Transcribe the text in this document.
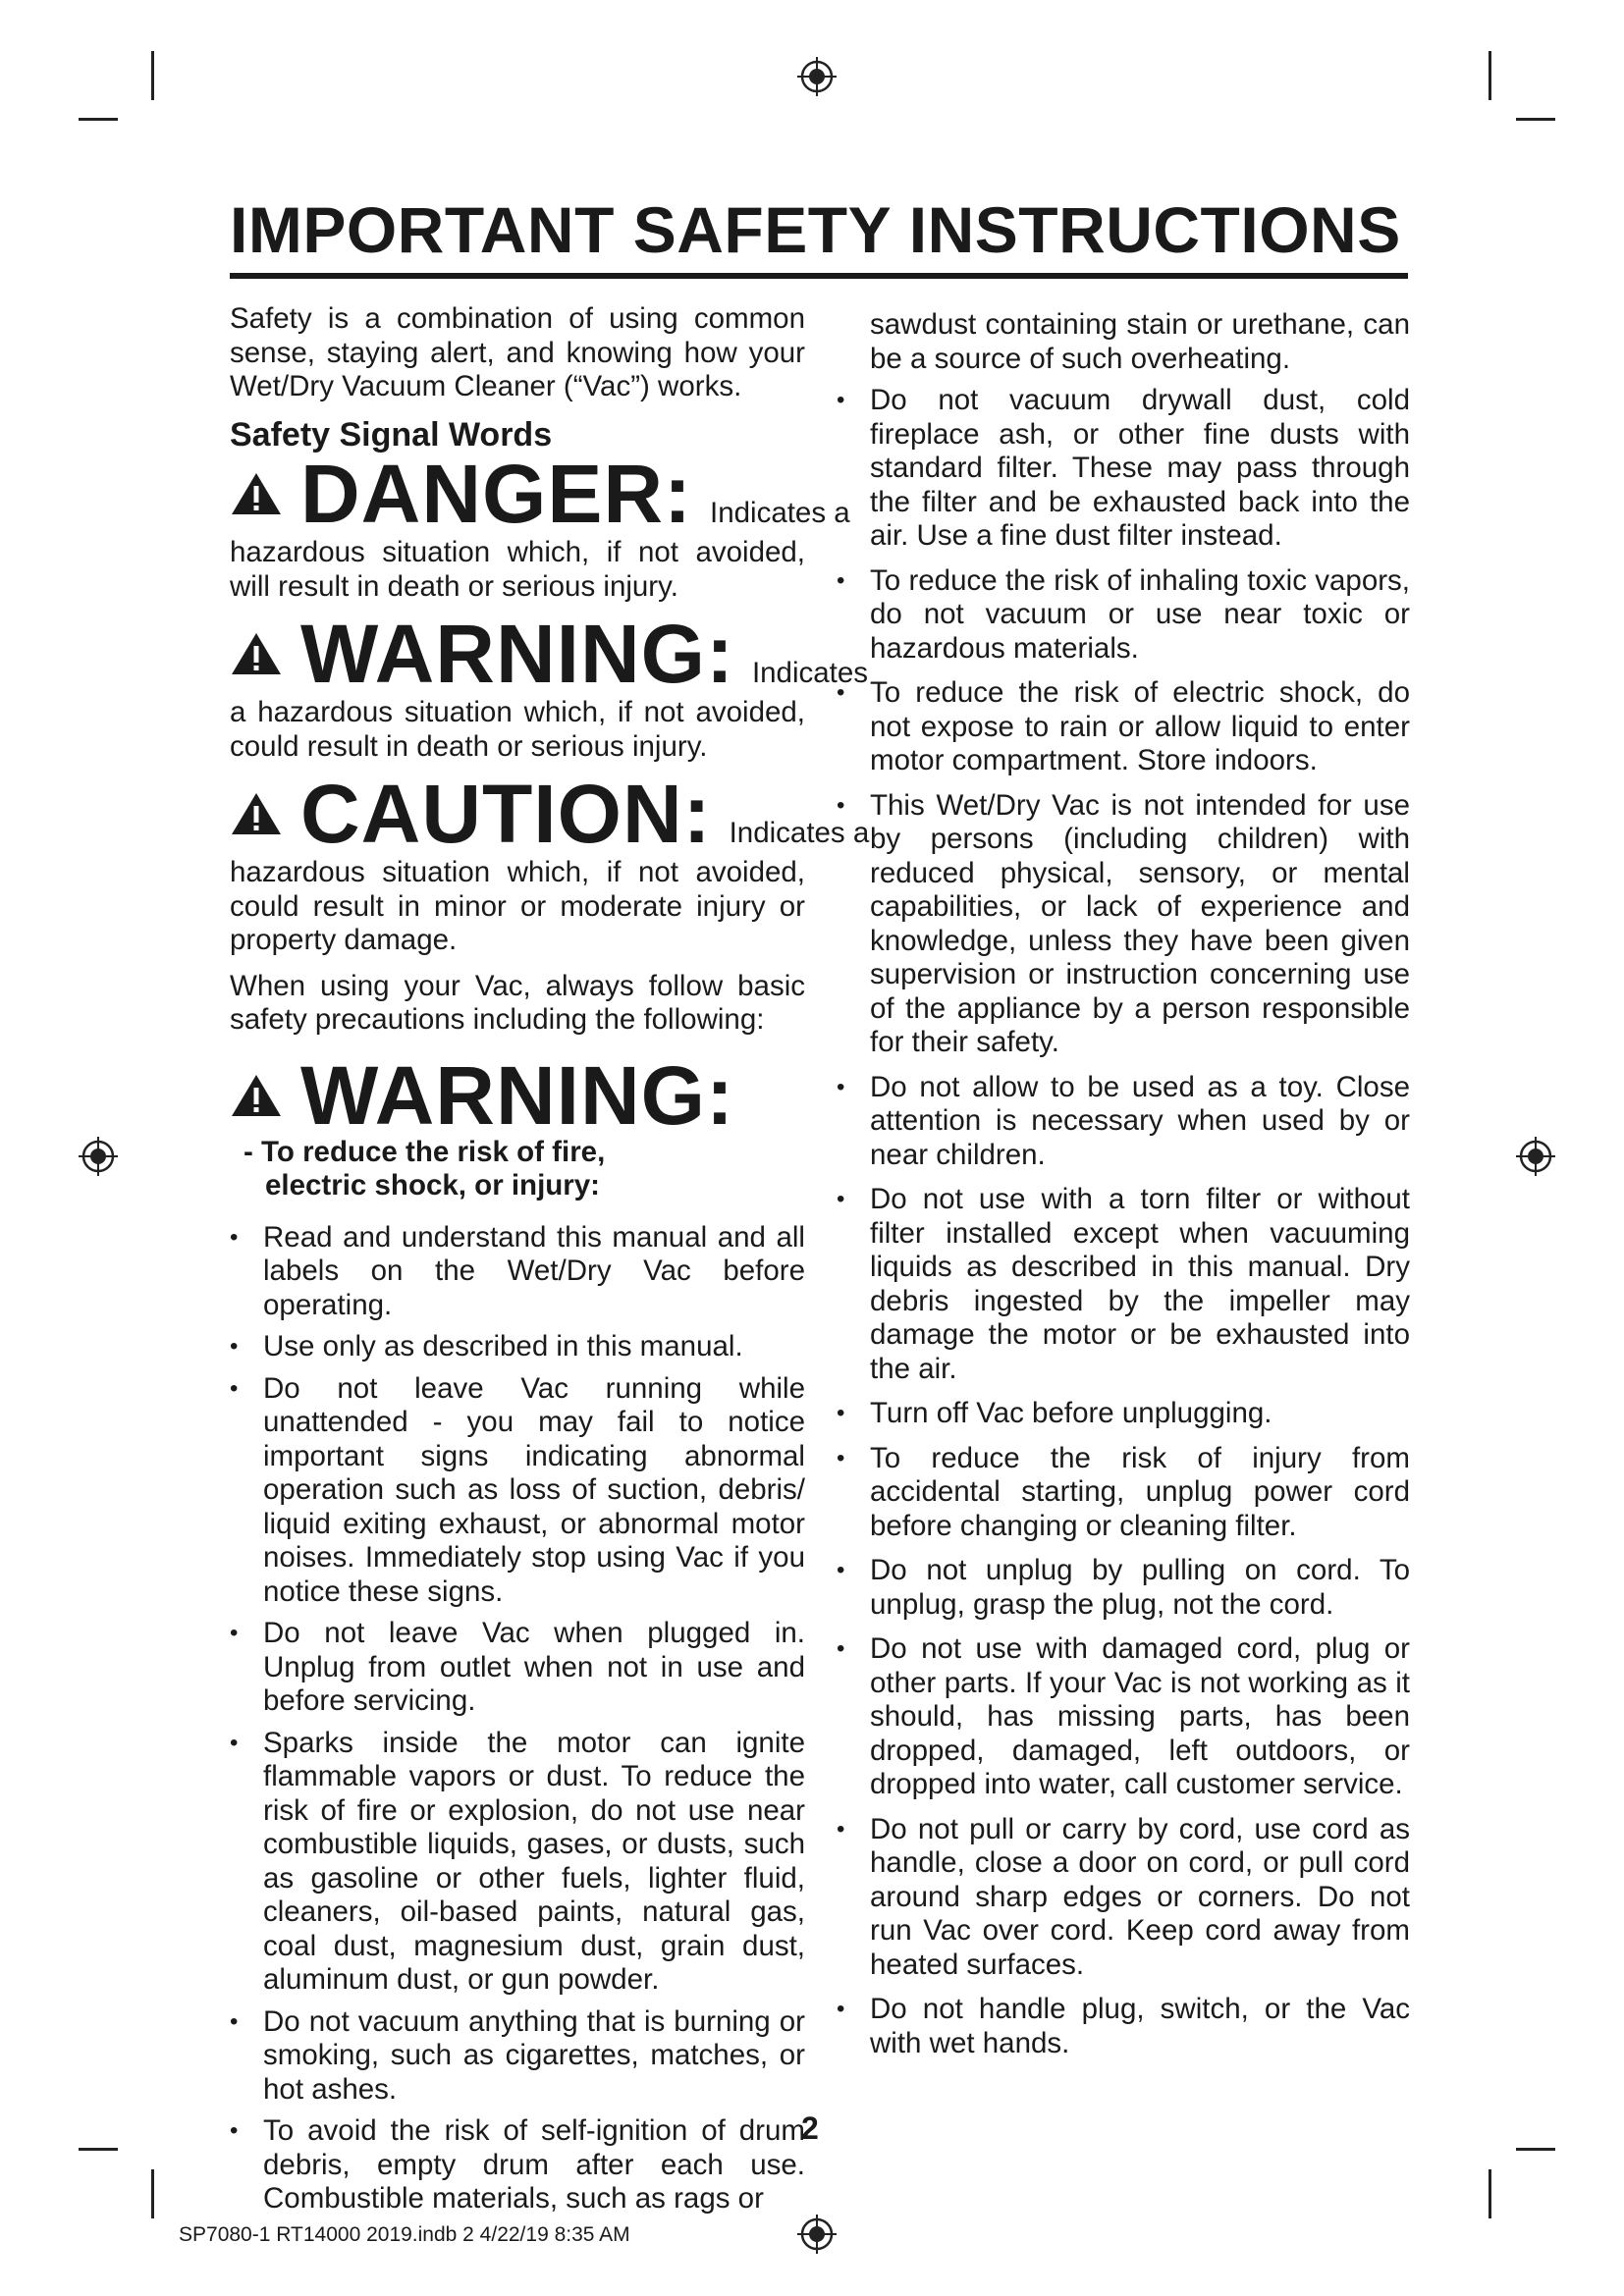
IMPORTANT SAFETY INSTRUCTIONS

Safety is a combination of using common sense, staying alert, and knowing how your Wet/Dry Vacuum Cleaner (“Vac”) works.

Safety Signal Words
DANGER: Indicates a
hazardous situation which, if not avoided, will result in death or serious injury.
WARNING: Indicates
a hazardous situation which, if not avoided, could result in death or serious injury.
CAUTION: Indicates a
hazardous situation which, if not avoided, could result in minor or moderate injury or property damage.

When using your Vac, always follow basic safety precautions including the following:

WARNING:
- To reduce the risk of fire,
electric shock, or injury:
• Read and understand this manual and all labels on the Wet/Dry Vac before operating.
• Use only as described in this manual.
• Do not leave Vac running while unattended - you may fail to notice important signs indicating abnormal operation such as loss of suction, debris/ liquid exiting exhaust, or abnormal motor noises. Immediately stop using Vac if you notice these signs.
• Do not leave Vac when plugged in. Unplug from outlet when not in use and before servicing.
• Sparks inside the motor can ignite flammable vapors or dust. To reduce the risk of fire or explosion, do not use near combustible liquids, gases, or dusts, such as gasoline or other fuels, lighter fluid, cleaners, oil-based paints, natural gas, coal dust, magnesium dust, grain dust, aluminum dust, or gun powder.
• Do not vacuum anything that is burning or smoking, such as cigarettes, matches, or hot ashes.
• To avoid the risk of self-ignition of drum debris, empty drum after each use. Combustible materials, such as rags or

sawdust containing stain or urethane, can be a source of such overheating.

• Do not vacuum drywall dust, cold fireplace ash, or other fine dusts with standard filter. These may pass through the filter and be exhausted back into the air. Use a fine dust filter instead.
• To reduce the risk of inhaling toxic vapors, do not vacuum or use near toxic or hazardous materials.
• To reduce the risk of electric shock, do not expose to rain or allow liquid to enter motor compartment. Store indoors.
• This Wet/Dry Vac is not intended for use by persons (including children) with reduced physical, sensory, or mental capabilities, or lack of experience and knowledge, unless they have been given supervision or instruction concerning use of the appliance by a person responsible for their safety.
• Do not allow to be used as a toy. Close attention is necessary when used by or near children.
• Do not use with a torn filter or without filter installed except when vacuuming liquids as described in this manual. Dry debris ingested by the impeller may damage the motor or be exhausted into the air.
• Turn off Vac before unplugging.
• To reduce the risk of injury from accidental starting, unplug power cord before changing or cleaning filter.
• Do not unplug by pulling on cord. To unplug, grasp the plug, not the cord.
• Do not use with damaged cord, plug or other parts. If your Vac is not working as it should, has missing parts, has been dropped, damaged, left outdoors, or dropped into water, call customer service.
• Do not pull or carry by cord, use cord as handle, close a door on cord, or pull cord around sharp edges or corners. Do not run Vac over cord. Keep cord away from heated surfaces.
• Do not handle plug, switch, or the Vac with wet hands.
2
SP7080-1 RT14000 2019.indb 2 4/22/19 8:35 AM
